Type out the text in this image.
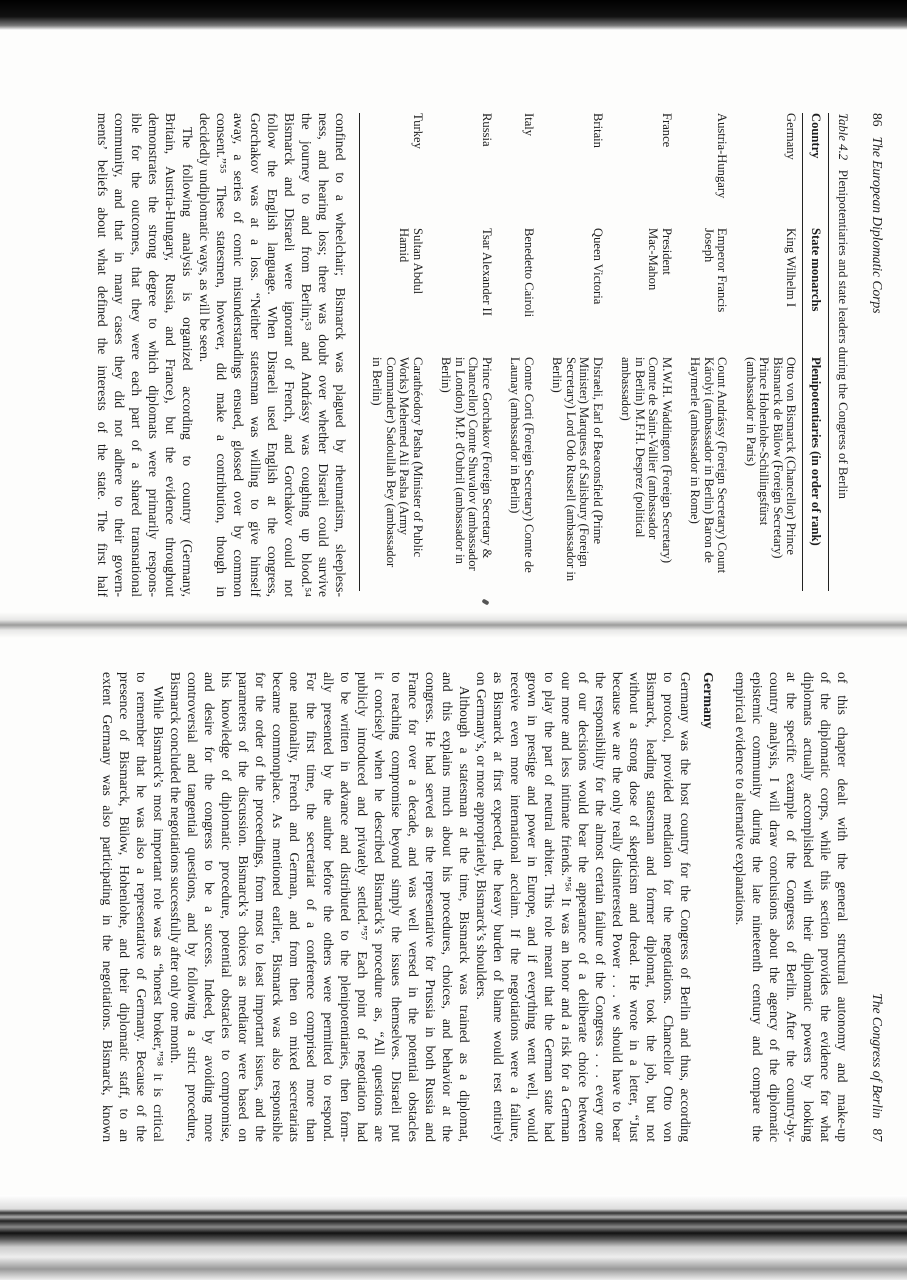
86   The European Diplomatic Corps
Table 4.2   Plenipotentiaries and state leaders during the Congress of Berlin
Country
State monarchs
Plenipotentiaries (in order of rank)
Germany
King Wilhelm I
Otto von Bismarck (Chancellor) Prince
Bismarck de Bülow (Foreign Secretary)
Prince Hohenlohe-Schillingsfürst
(ambassador in Paris)
Austria-Hungary
Emperor Francis
Joseph
Count Andrássy (Foreign Secretary) Count
Károlyi (ambassador in Berlin) Baron de
Haymerle (ambassador in Rome)
France
President
Mac-Mahon
M.W.H. Waddington (Foreign Secretary)
Comte de Saint-Vallier (ambassador
in Berlin) M.F.H. Desprez (political
ambassador)
Britain
Queen Victoria
Disraeli, Earl of Beaconsfield (Prime
Minister) Marquess of Salisbury (Foreign
Secretary) Lord Odo Russell (ambassador in
Berlin)
Italy
Benedetto Cairoli
Comte Corti (Foreign Secretary) Comte de
Launay (ambassador in Berlin)
Russia
Tsar Alexander II
Prince Gorchakov (Foreign Secretary &
Chancellor) Comte Shuvalov (ambassador
in London) M.P. d'Oubril (ambassador in
Berlin)
Turkey
Sultan Abdul
Hamid
Carathéodory Pasha (Minister of Public
Works) Mehemed Ali Pasha (Army
Commander) Sadoullah Bey (ambassador
in Berlin)
confined to a wheelchair; Bismarck was plagued by rheumatism, sleepless-
ness, and hearing loss; there was doubt over whether Disraeli could survive
the journey to and from Berlin;⁵³ and Andrássy was coughing up blood.⁵⁴
Bismarck and Disraeli were ignorant of French, and Gorchakov could not
follow the English language. When Disraeli used English at the congress,
Gorchakov was at a loss. “Neither statesman was willing to give himself
away, a series of comic misunderstandings ensued, glossed over by common
consent.”⁵⁵ These statesmen, however, did make a contribution, though in
decidedly undiplomatic ways, as will be seen.
The following analysis is organized according to country (Germany,
Britain, Austria-Hungary, Russia, and France), but the evidence throughout
demonstrates the strong degree to which diplomats were primarily respons-
ible for the outcomes, that they were each part of a shared transnational
community, and that in many cases they did not adhere to their govern-
ments’ beliefs about what defined the interests of the state. The first half
The Congress of Berlin   87
of this chapter dealt with the general structural autonomy and make-up
of the diplomatic corps, while this section provides the evidence for what
diplomats actually accomplished with their diplomatic powers by looking
at the specific example of the Congress of Berlin. After the country-by-
country analysis, I will draw conclusions about the agency of the diplomatic
epistemic community during the late nineteenth century and compare the
empirical evidence to alternative explanations.
Germany
Germany was the host country for the Congress of Berlin and thus, according
to protocol, provided mediation for the negotiations. Chancellor Otto von
Bismarck, leading statesman and former diplomat, took the job, but not
without a strong dose of skepticism and dread. He wrote in a letter, “Just
because we are the only really disinterested Power . . . we should have to bear
the responsibility for the almost certain failure of the Congress . . . every one
of our decisions would bear the appearance of a deliberate choice between
our more and less intimate friends.”⁵⁶ It was an honor and a risk for a German
to play the part of neutral arbiter. This role meant that the German state had
grown in prestige and power in Europe, and if everything went well, would
receive even more international acclaim. If the negotiations were a failure,
as Bismarck at first expected, the heavy burden of blame would rest entirely
on Germany’s, or more appropriately, Bismarck’s shoulders.
Although a statesman at the time, Bismarck was trained as a diplomat,
and this explains much about his procedures, choices, and behavior at the
congress. He had served as the representative for Prussia in both Russia and
France for over a decade, and was well versed in the potential obstacles
to reaching compromise beyond simply the issues themselves. Disraeli put
it concisely when he described Bismarck’s procedure as, “All questions are
publicly introduced and privately settled.”⁵⁷ Each point of negotiation had
to be written in advance and distributed to the plenipotentiaries, then form-
ally presented by the author before the others were permitted to respond.
For the first time, the secretariat of a conference comprised more than
one nationality, French and German, and from then on mixed secretariats
became commonplace. As mentioned earlier, Bismarck was also responsible
for the order of the proceedings, from most to least important issues, and the
parameters of the discussion. Bismarck’s choices as mediator were based on
his knowledge of diplomatic procedure, potential obstacles to compromise,
and desire for the congress to be a success. Indeed, by avoiding more
controversial and tangential questions, and by following a strict procedure,
Bismarck concluded the negotiations successfully after only one month.
While Bismarck’s most important role was as “honest broker,”⁵⁸ it is critical
to remember that he was also a representative of Germany. Because of the
presence of Bismarck, Bülow, Hohenlohe, and their diplomatic staff, to an
extent Germany was also participating in the negotiations. Bismarck, known
